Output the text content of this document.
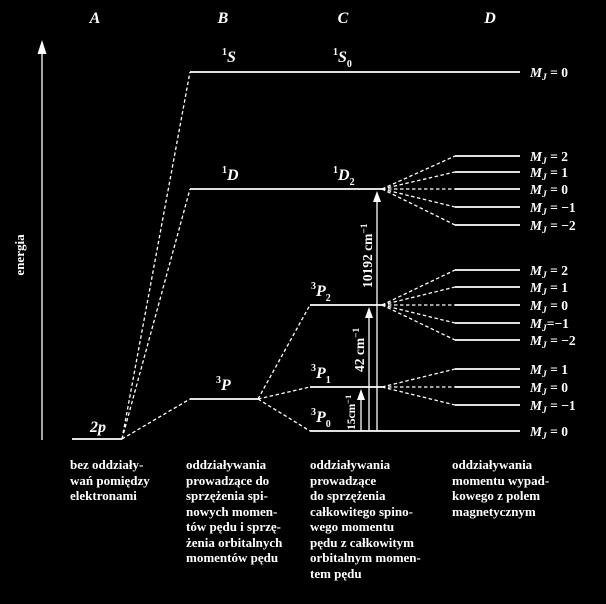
A	B	C	D
energia
2p
$^1$S
$^1$D
$^3$P
$^1S_0$
$^1D_2$
$^3P_2$
$^3P_1$
$^3P_0$
10192 $cm^{-1}$
42 $cm^{-1}$
$15cm^{-1}$
$M_J = 0$
$M_J = 2$
$M_J = 1$
$M_J = 0$
$M_J = -1$
$M_J = -2$
$M_J = 2$
$M_J = 1$
$M_J = 0$
$M_J=-1$
$M_J = -2$
$M_J = 1$
$M_J = 0$
$M_J = -1$
$M_J = 0$
bez oddziały-
wań pomiędzy
elektronami
oddziaływania
prowadzące do
sprzężenia spi-
nowych momen-
tów pędu i sprzę-
żenia orbitalnych
momentów pędu
oddziaływania
prowadzące
do sprzężenia
całkowitego spino-
wego momentu
pędu z całkowitym
orbitalnym momen-
tem pędu
oddziaływania
momentu wypad-
kowego z polem
magnetycznym
